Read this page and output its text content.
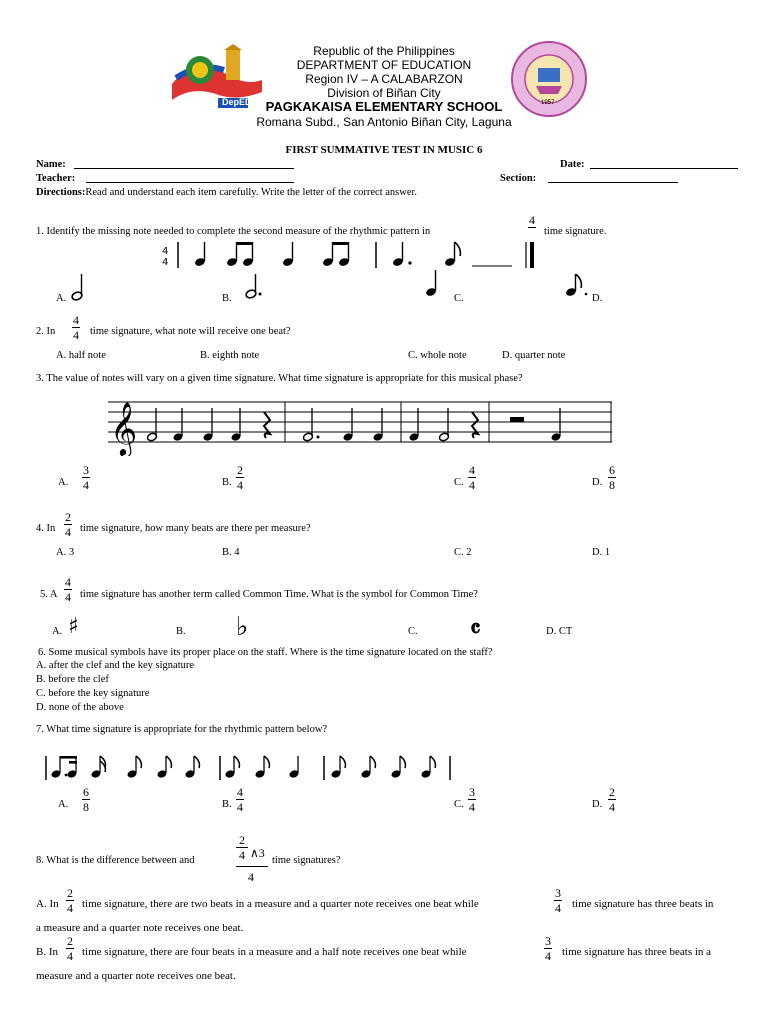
DepED	1957
Republic of the Philippines
DEPARTMENT OF EDUCATION
Region IV – A CALABARZON
Division of Biñan City
PAGKAKAISA ELEMENTARY SCHOOL
Romana Subd., San Antonio Biñan City, Laguna
FIRST SUMMATIVE TEST IN MUSIC 6
Name:	Date:
Teacher:	Section:
Directions:Read and understand each item carefully. Write the letter of the correct answer.
1. Identify the missing note needed to complete the second measure of the rhythmic pattern in
4
time signature.
4
4
A.	B.	C.	D.
2. In
4
4 time signature, what note will receive one beat?
A. half note	B. eighth note	C. whole note	D. quarter note
3. The value of notes will vary on a given time signature. What time signature is appropriate for this musical phase?
𝄞
A.
3
4	B.
2
4	C.
4
4	D.
6
8
4. In
2
4 time signature, how many beats are there per measure?
A. 3	B. 4	C. 2	D. 1
5. A
4
4 time signature has another term called Common Time. What is the symbol for Common Time?
A. ♯	B. ♭	C. 𝄴	D. CT
6. Some musical symbols have its proper place on the staff. Where is the time signature located on the staff?
A. after the clef and the key signature
B. before the clef
C. before the key signature
D. none of the above
7. What time signature is appropriate for the rhythmic pattern below?
A.
6
8	B.
4
4	C.
3
4	D.
2
4
8. What is the difference between and
2
4 ∧3
4
time signatures?
A. In
2
4 time signature, there are two beats in a measure and a quarter note receives one beat while
3
4 time signature has three beats in
a measure and a quarter note receives one beat.
B. In
2
4 time signature, there are four beats in a measure and a half note receives one beat while
3
4 time signature has three beats in a
measure and a quarter note receives one beat.
